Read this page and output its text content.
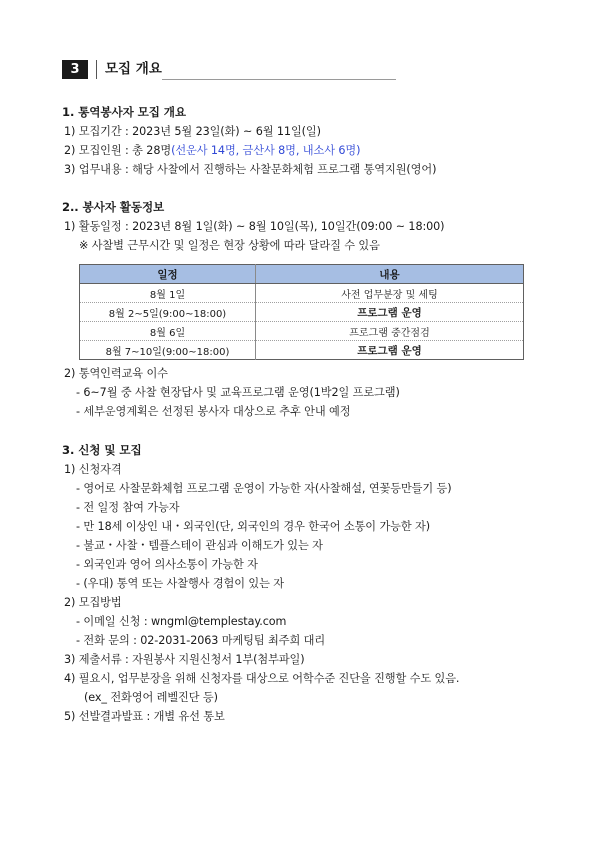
3	모집 개요
1. 통역봉사자 모집 개요
1) 모집기간 : 2023년 5월 23일(화) ~ 6월 11일(일)
2) 모집인원 : 총 28명(선운사 14명, 금산사 8명, 내소사 6명)
3) 업무내용 : 해당 사찰에서 진행하는 사찰문화체험 프로그램 통역지원(영어)
2.. 봉사자 활동정보
1) 활동일정 : 2023년 8월 1일(화) ~ 8월 10일(목), 10일간(09:00 ~ 18:00)
※ 사찰별 근무시간 및 일정은 현장 상황에 따라 달라질 수 있음
일정	내용
8월 1일	사전 업무분장 및 세팅
8월 2~5일(9:00~18:00)	프로그램 운영
8월 6일	프로그램 중간점검
8월 7~10일(9:00~18:00)	프로그램 운영
2) 통역인력교육 이수
- 6~7월 중 사찰 현장답사 및 교육프로그램 운영(1박2일 프로그램)
- 세부운영계획은 선정된 봉사자 대상으로 추후 안내 예정
3. 신청 및 모집
1) 신청자격
- 영어로 사찰문화체험 프로그램 운영이 가능한 자(사찰해설, 연꽃등만들기 등)
- 전 일정 참여 가능자
- 만 18세 이상인 내・외국인(단, 외국인의 경우 한국어 소통이 가능한 자)
- 불교・사찰・템플스테이 관심과 이해도가 있는 자
- 외국인과 영어 의사소통이 가능한 자
- (우대) 통역 또는 사찰행사 경험이 있는 자
2) 모집방법
- 이메일 신청 : wngml@templestay.com
- 전화 문의 : 02-2031-2063 마케팅팀 최주희 대리
3) 제출서류 : 자원봉사 지원신청서 1부(첨부파일)
4) 필요시, 업무분장을 위해 신청자를 대상으로 어학수준 진단을 진행할 수도 있음.
(ex_ 전화영어 레벨진단 등)
5) 선발결과발표 : 개별 유선 통보
